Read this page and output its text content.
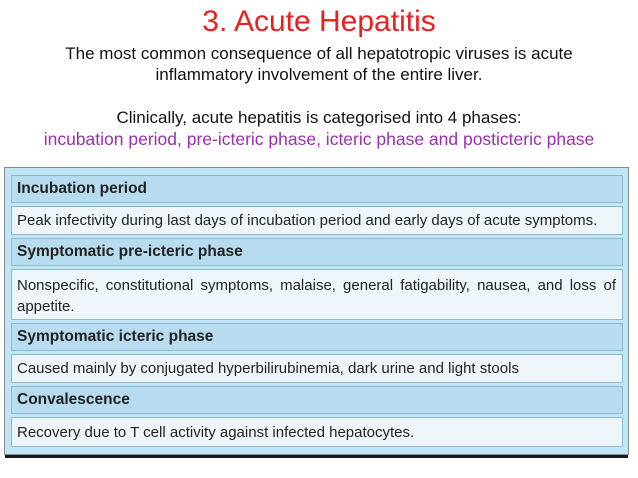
3. Acute Hepatitis
The most common consequence of all hepatotropic viruses is acute inflammatory involvement of the entire liver.
Clinically, acute hepatitis is categorised into 4 phases:
incubation period, pre-icteric phase, icteric phase and posticteric phase
Incubation period
Peak infectivity during last days of incubation period and early days of acute symptoms.
Symptomatic pre-icteric phase
Nonspecific, constitutional symptoms, malaise, general fatigability, nausea, and loss of appetite.
Symptomatic icteric phase
Caused mainly by conjugated hyperbilirubinemia, dark urine and light stools
Convalescence
Recovery due to T cell activity against infected hepatocytes.
